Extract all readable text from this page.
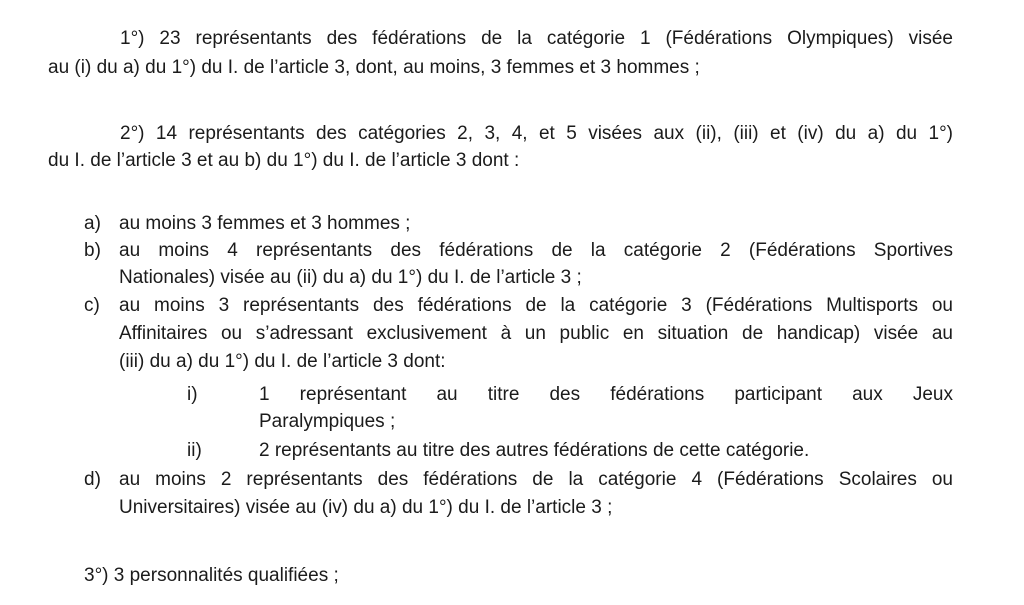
1°) 23 représentants des fédérations de la catégorie 1 (Fédérations Olympiques) visée
au (i) du a) du 1°) du I. de l’article 3, dont, au moins, 3 femmes et 3 hommes ;
2°) 14 représentants des catégories 2, 3, 4, et 5 visées aux (ii), (iii) et (iv) du a) du 1°)
du I. de l’article 3 et au b) du 1°) du I. de l’article 3 dont :
a) au moins 3 femmes et 3 hommes ;
b) au moins 4 représentants des fédérations de la catégorie 2 (Fédérations Sportives
Nationales) visée au (ii) du a) du 1°) du I. de l’article 3 ;
c) au moins 3 représentants des fédérations de la catégorie 3 (Fédérations Multisports ou
Affinitaires ou s’adressant exclusivement à un public en situation de handicap) visée au
(iii) du a) du 1°) du I. de l’article 3 dont:
i)	1 représentant au titre des fédérations participant aux Jeux
Paralympiques ;
ii)	2 représentants au titre des autres fédérations de cette catégorie.
d) au moins 2 représentants des fédérations de la catégorie 4 (Fédérations Scolaires ou
Universitaires) visée au (iv) du a) du 1°) du I. de l’article 3 ;
3°) 3 personnalités qualifiées ;
